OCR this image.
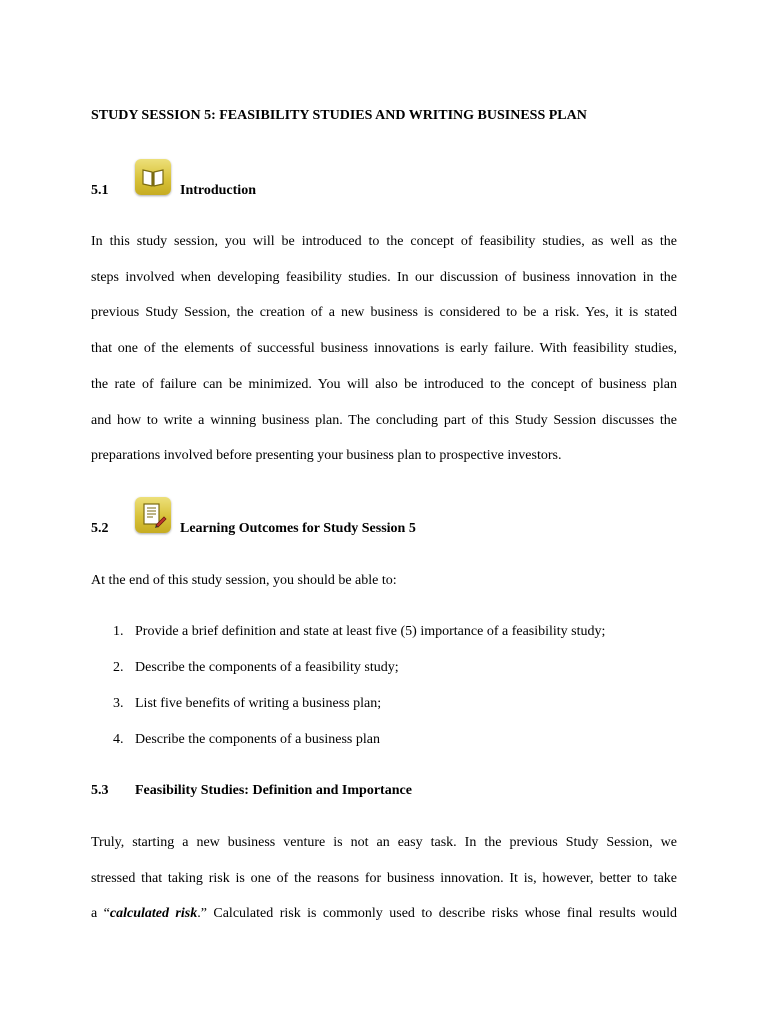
STUDY SESSION 5: FEASIBILITY STUDIES AND WRITING BUSINESS PLAN
5.1	Introduction
In this study session, you will be introduced to the concept of feasibility studies, as well as the
steps involved when developing feasibility studies. In our discussion of business innovation in the
previous Study Session, the creation of a new business is considered to be a risk. Yes, it is stated
that one of the elements of successful business innovations is early failure. With feasibility studies,
the rate of failure can be minimized. You will also be introduced to the concept of business plan
and how to write a winning business plan. The concluding part of this Study Session discusses the
preparations involved before presenting your business plan to prospective investors.
5.2	Learning Outcomes for Study Session 5
At the end of this study session, you should be able to:
1. Provide a brief definition and state at least five (5) importance of a feasibility study;
2. Describe the components of a feasibility study;
3. List five benefits of writing a business plan;
4. Describe the components of a business plan
5.3 Feasibility Studies: Definition and Importance
Truly, starting a new business venture is not an easy task. In the previous Study Session, we
stressed that taking risk is one of the reasons for business innovation. It is, however, better to take
a “calculated risk.” Calculated risk is commonly used to describe risks whose final results would
